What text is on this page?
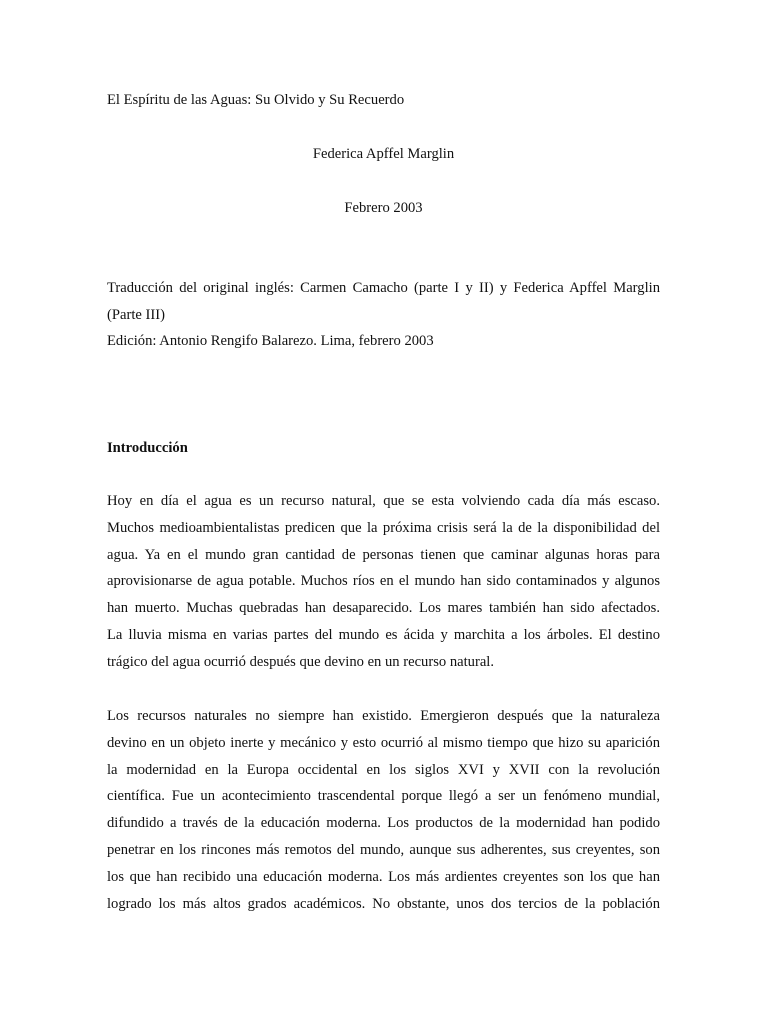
El Espíritu de las Aguas: Su Olvido y Su Recuerdo
Federica Apffel Marglin
Febrero 2003
Traducción del original inglés: Carmen Camacho (parte I y II) y Federica Apffel Marglin
(Parte III)
Edición: Antonio Rengifo Balarezo. Lima, febrero 2003
Introducción
Hoy en día el agua es un recurso natural, que se esta volviendo cada día más escaso.
Muchos medioambientalistas predicen que la próxima crisis será la de la disponibilidad del
agua. Ya en el mundo gran cantidad de personas tienen que caminar algunas horas para
aprovisionarse de agua potable. Muchos ríos en el mundo han sido contaminados y algunos
han muerto. Muchas quebradas han desaparecido. Los mares también han sido afectados.
La lluvia misma en varias partes del mundo es ácida y marchita a los árboles. El destino
trágico del agua ocurrió después que devino en un recurso natural.
Los recursos naturales no siempre han existido. Emergieron después que la naturaleza
devino en un objeto inerte y mecánico y esto ocurrió al mismo tiempo que hizo su aparición
la modernidad en la Europa occidental en los siglos XVI y XVII con la revolución
científica. Fue un acontecimiento trascendental porque llegó a ser un fenómeno mundial,
difundido a través de la educación moderna. Los productos de la modernidad han podido
penetrar en los rincones más remotos del mundo, aunque sus adherentes, sus creyentes, son
los que han recibido una educación moderna. Los más ardientes creyentes son los que han
logrado los más altos grados académicos. No obstante, unos dos tercios de la población
